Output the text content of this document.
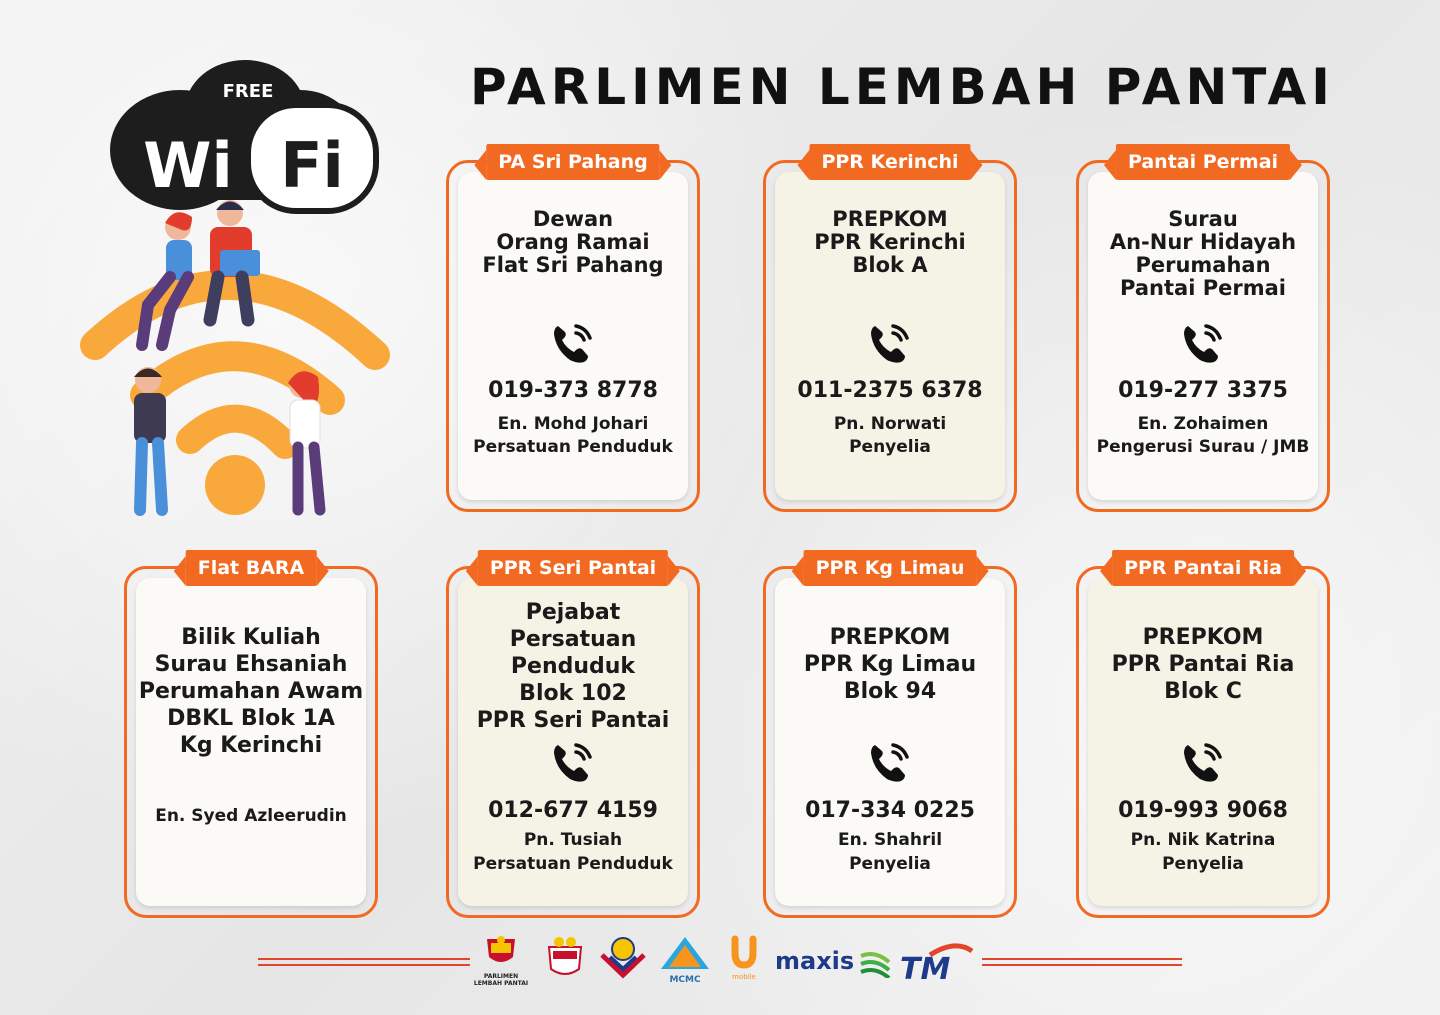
PARLIMEN LEMBAH PANTAI
FREE
Wi Fi	PA Sri Pahang
Dewan
Orang Ramai
Flat Sri Pahang
019-373 8778
En. Mohd Johari
Persatuan Penduduk
PPR Kerinchi
PREPKOM
PPR Kerinchi
Blok A
011-2375 6378
Pn. Norwati
Penyelia
Pantai Permai
Surau
An-Nur Hidayah
Perumahan
Pantai Permai
019-277 3375
En. Zohaimen
Pengerusi Surau / JMB
Flat BARA
Bilik Kuliah
Surau Ehsaniah
Perumahan Awam
DBKL Blok 1A
Kg Kerinchi
En. Syed Azleerudin
PPR Seri Pantai
Pejabat
Persatuan
Penduduk
Blok 102
PPR Seri Pantai
012-677 4159
Pn. Tusiah
Persatuan Penduduk
PPR Kg Limau
PREPKOM
PPR Kg Limau
Blok 94
017-334 0225
En. Shahril
Penyelia
PPR Pantai Ria
PREPKOM
PPR Pantai Ria
Blok C
019-993 9068
Pn. Nik Katrina
Penyelia
PARLIMEN LEMBAH PANTAI	MCMC	mobile
maxis	TM
